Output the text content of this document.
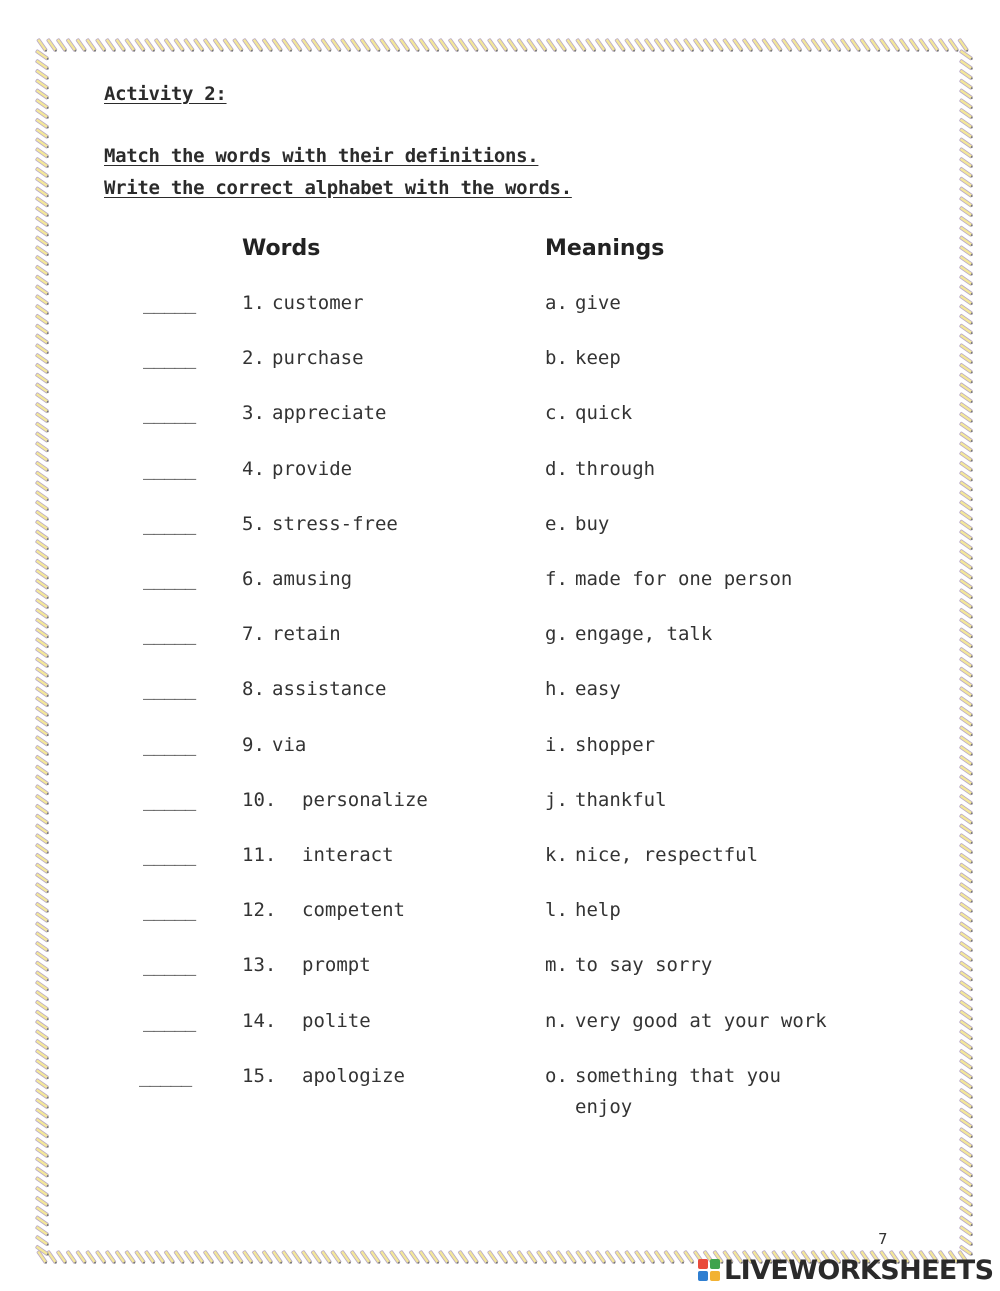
Activity 2:
Match the words with their definitions.
Write the correct alphabet with the words.
Words	Meanings
_____ 1. customer	a. give
_____ 2. purchase	b. keep
_____ 3. appreciate	c. quick
_____ 4. provide	d. through
_____ 5. stress-free	e. buy
_____ 6. amusing	f. made for one person
_____ 7. retain	g. engage, talk
_____ 8. assistance	h. easy
_____ 9. via	i. shopper
_____ 10. personalize	j. thankful
_____ 11. interact	k. nice, respectful
_____ 12. competent	l. help
_____ 13. prompt	m. to say sorry
_____ 14. polite	n. very good at your work
_____	15. apologize	o. something that you
enjoy
7
LIVEWORKSHEETS
